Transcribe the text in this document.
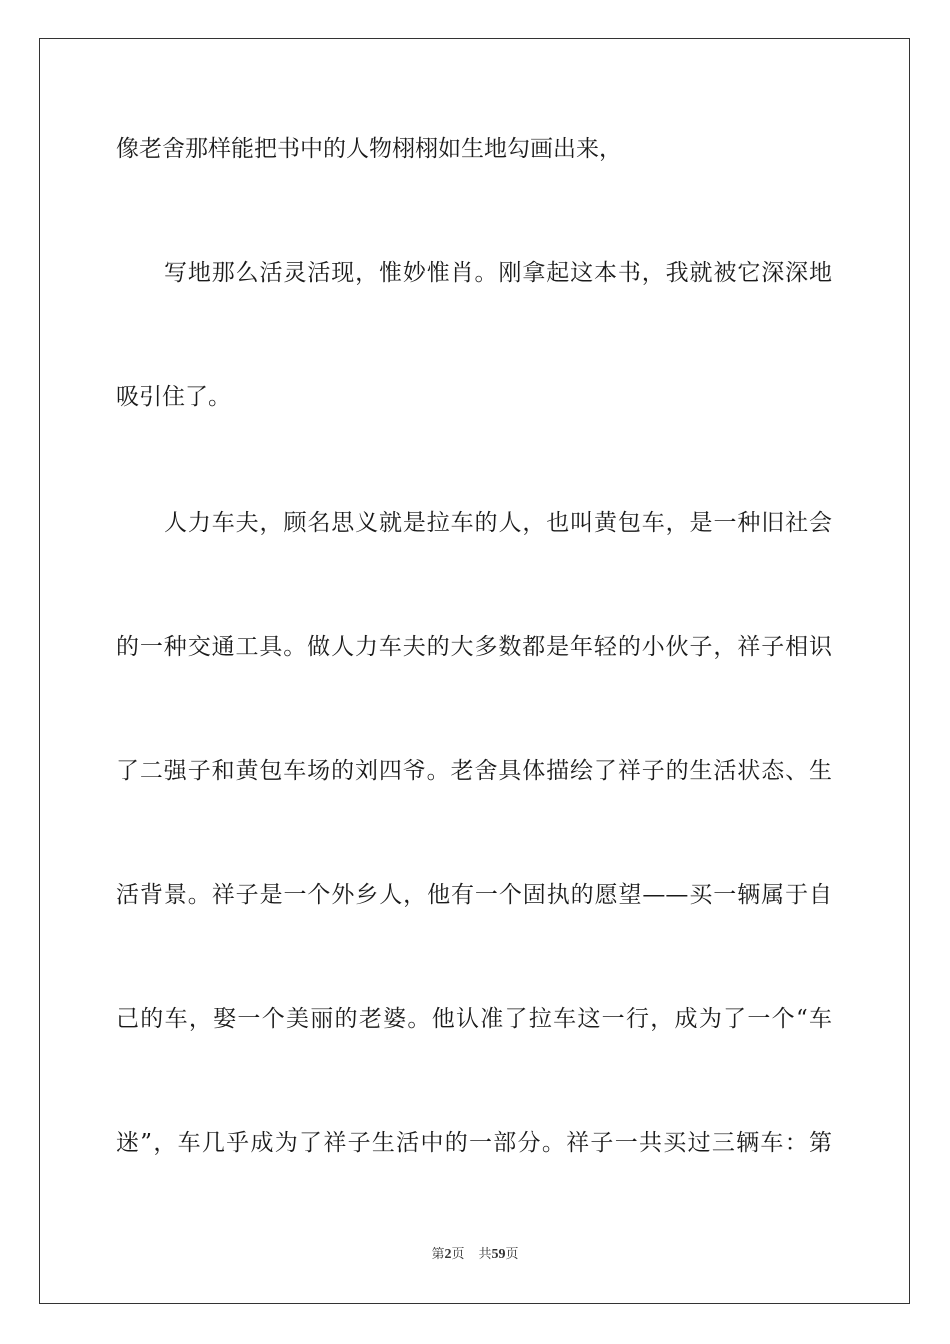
像老舍那样能把书中的人物栩栩如生地勾画出来，
写地那么活灵活现，惟妙惟肖。刚拿起这本书，我就被它深深地
吸引住了。
人力车夫，顾名思义就是拉车的人，也叫黄包车，是一种旧社会
的一种交通工具。做人力车夫的大多数都是年轻的小伙子，祥子相识
了二强子和黄包车场的刘四爷。老舍具体描绘了祥子的生活状态、生
活背景。祥子是一个外乡人，他有一个固执的愿望——买一辆属于自
己的车，娶一个美丽的老婆。他认准了拉车这一行，成为了一个“车
迷”，车几乎成为了祥子生活中的一部分。祥子一共买过三辆车：第
第2页 共59页
